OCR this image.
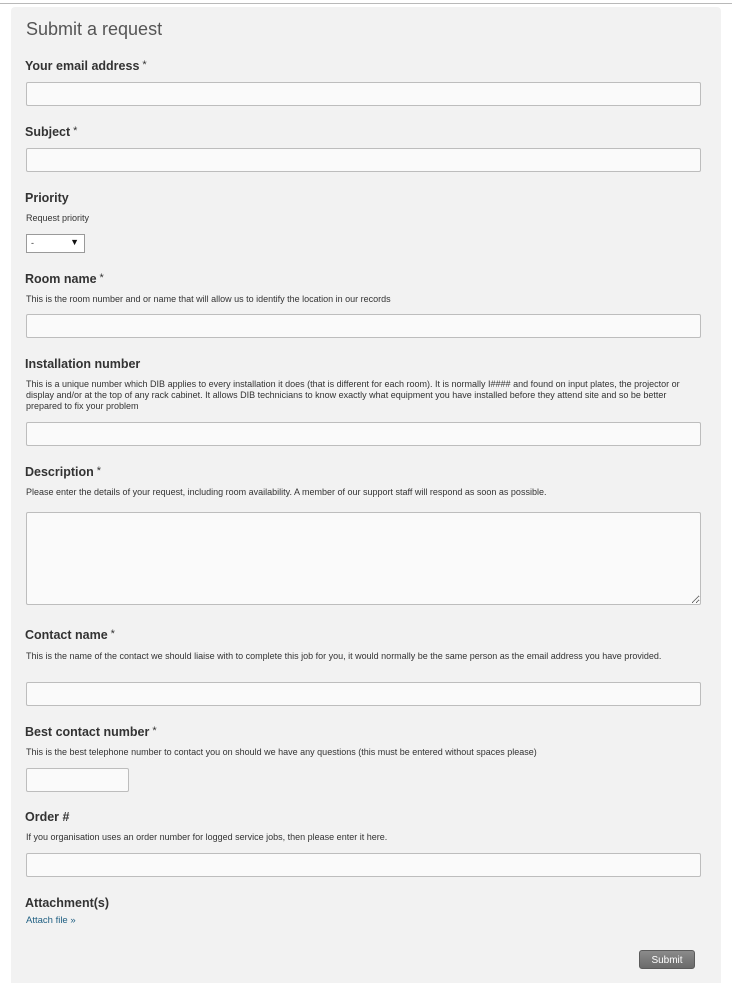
Submit a request
Your email address *
Subject *
Priority
Request priority
-	▼
Room name *
This is the room number and or name that will allow us to identify the location in our records
Installation number
This is a unique number which DIB applies to every installation it does (that is different for each room). It is normally I#### and found on input plates, the projector or display and/or at the top of any rack cabinet. It allows DIB technicians to know exactly what equipment you have installed before they attend site and so be better prepared to fix your problem
Description *
Please enter the details of your request, including room availability. A member of our support staff will respond as soon as possible.
Contact name *
This is the name of the contact we should liaise with to complete this job for you, it would normally be the same person as the email address you have provided.
Best contact number *
This is the best telephone number to contact you on should we have any questions (this must be entered without spaces please)
Order #
If you organisation uses an order number for logged service jobs, then please enter it here.
Attachment(s)
Attach file »
Submit
